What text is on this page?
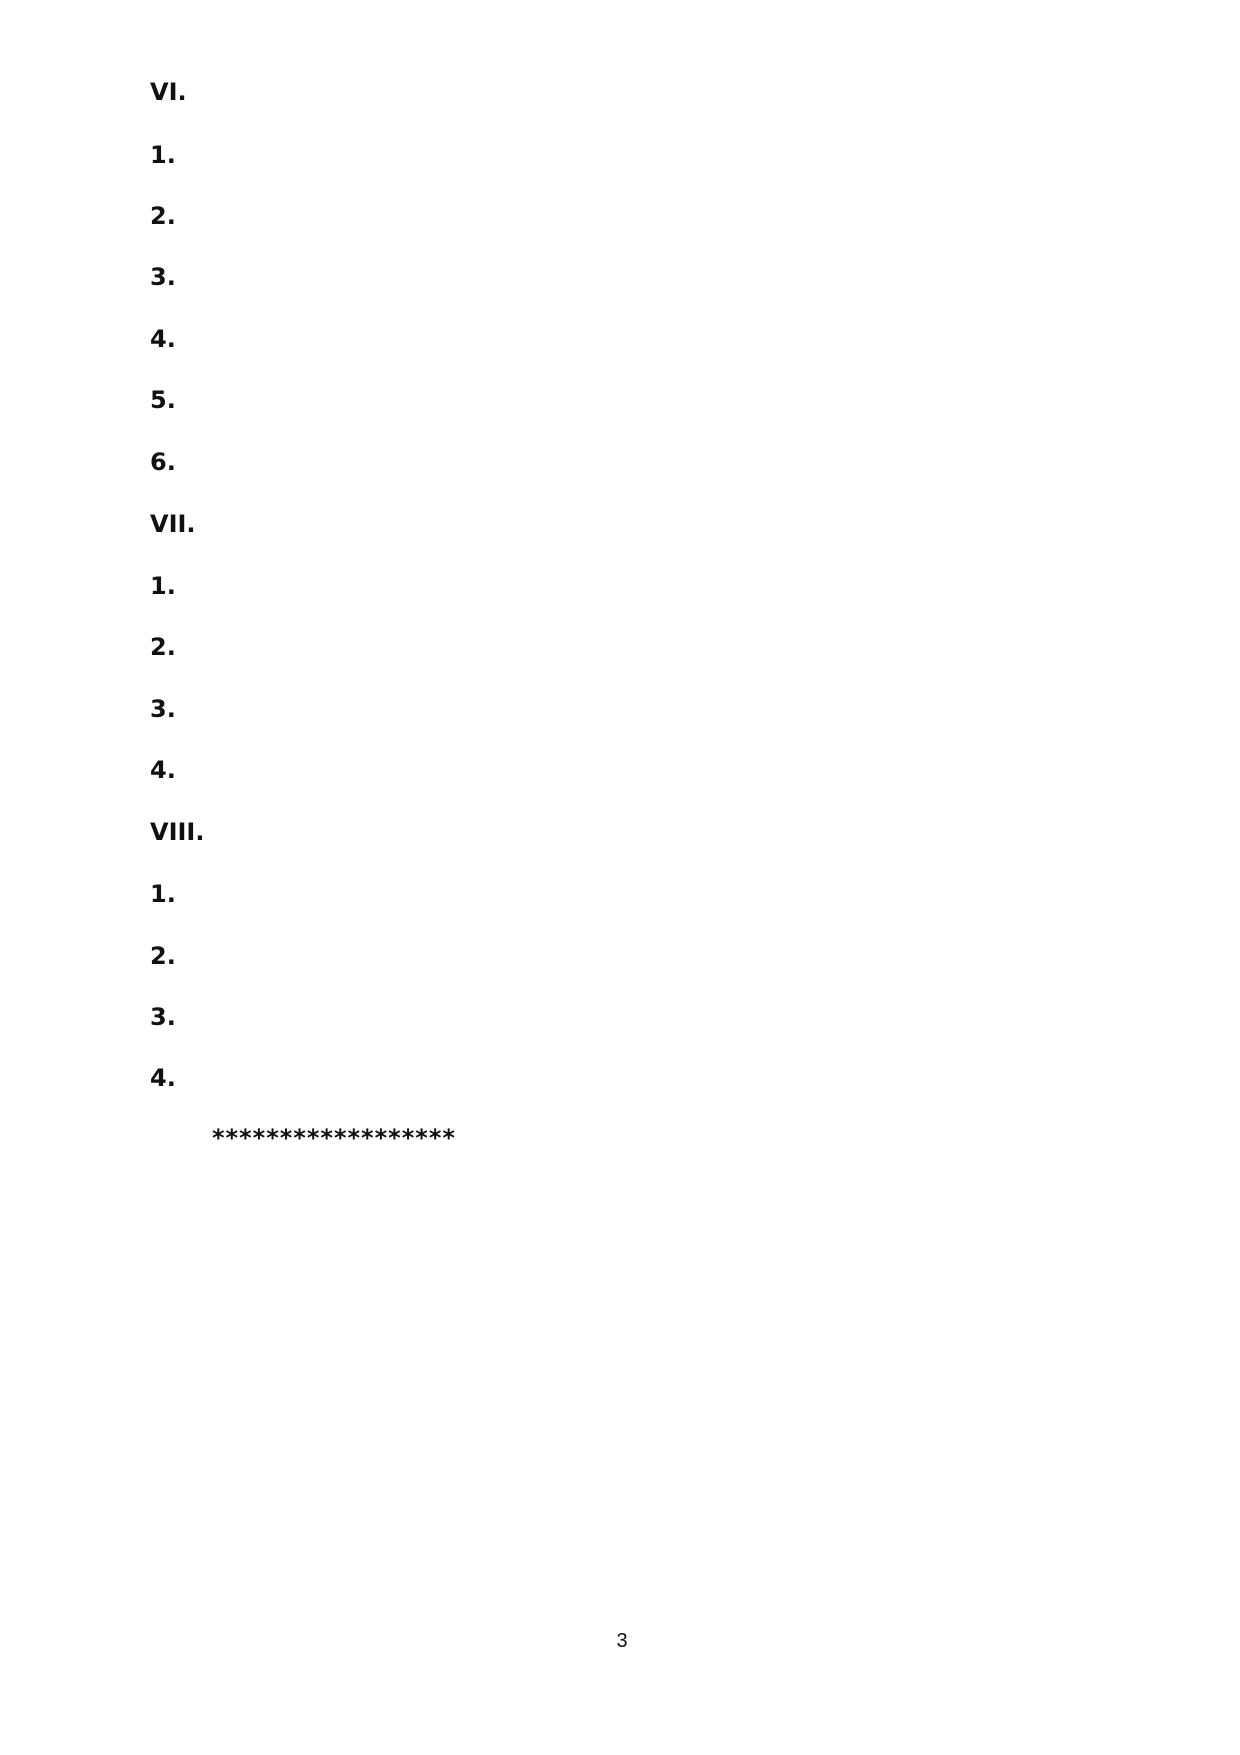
VI.

1.

2.

3.

4.

5.

6.

VII.

1.

2.

3.

4.

VIII.

1.

2.

3.

4.

******************

3
